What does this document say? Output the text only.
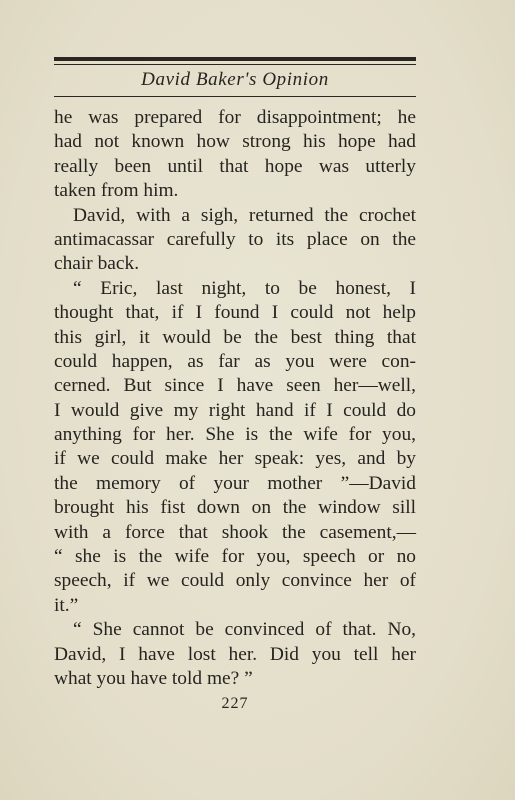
David Baker's Opinion
he was prepared for disappointment; he
had not known how strong his hope had
really been until that hope was utterly
taken from him.
David, with a sigh, returned the crochet
antimacassar carefully to its place on the
chair back.
“ Eric, last night, to be honest, I
thought that, if I found I could not help
this girl, it would be the best thing that
could happen, as far as you were con-
cerned. But since I have seen her—well,
I would give my right hand if I could do
anything for her. She is the wife for you,
if we could make her speak: yes, and by
the memory of your mother ”—David
brought his fist down on the window sill
with a force that shook the casement,—
“ she is the wife for you, speech or no
speech, if we could only convince her of
it.”
“ She cannot be convinced of that. No,
David, I have lost her. Did you tell her
what you have told me? ”
227
